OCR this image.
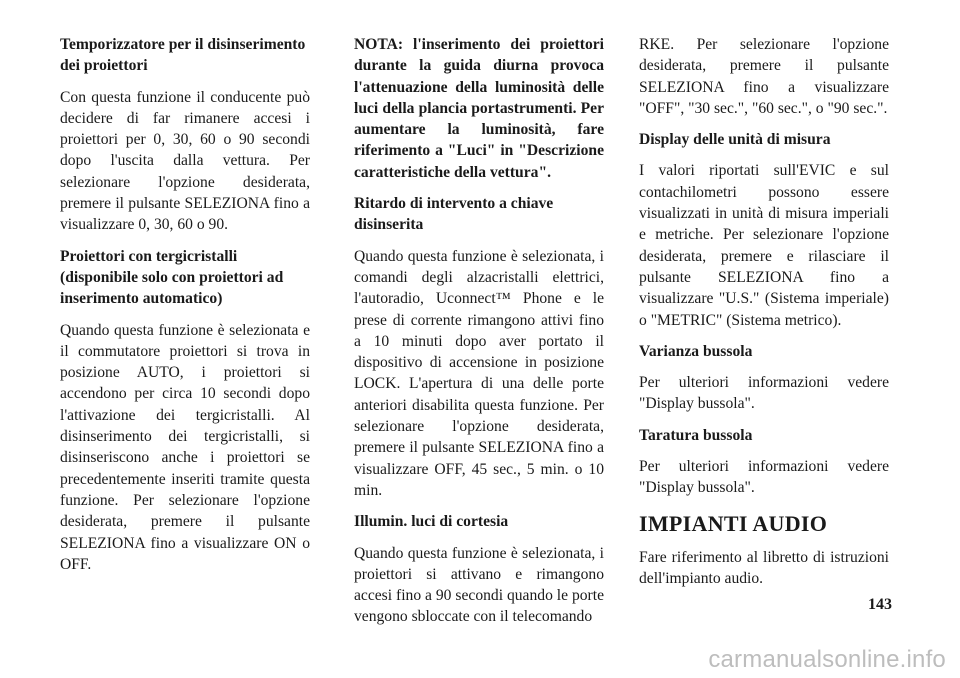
Temporizzatore per il disinserimento dei proiettori

Con questa funzione il conducente può decidere di far rimanere accesi i proiettori per 0, 30, 60 o 90 secondi dopo l'uscita dalla vettura. Per selezionare l'opzione desiderata, premere il pulsante SELEZIONA fino a visualizzare 0, 30, 60 o 90.

Proiettori con tergicristalli (disponibile solo con proiettori ad inserimento automatico)

Quando questa funzione è selezionata e il commutatore proiettori si trova in posizione AUTO, i proiettori si accendono per circa 10 secondi dopo l'attivazione dei tergicristalli. Al disinserimento dei tergicristalli, si disinseriscono anche i proiettori se precedentemente inseriti tramite questa funzione. Per selezionare l'opzione desiderata, premere il pulsante SELEZIONA fino a visualizzare ON o OFF.

NOTA: l'inserimento dei proiettori durante la guida diurna provoca l'attenuazione della luminosità delle luci della plancia portastrumenti. Per aumentare la luminosità, fare riferimento a "Luci" in "Descrizione caratteristiche della vettura".

Ritardo di intervento a chiave disinserita

Quando questa funzione è selezionata, i comandi degli alzacristalli elettrici, l'autoradio, Uconnect™ Phone e le prese di corrente rimangono attivi fino a 10 minuti dopo aver portato il dispositivo di accensione in posizione LOCK. L'apertura di una delle porte anteriori disabilita questa funzione. Per selezionare l'opzione desiderata, premere il pulsante SELEZIONA fino a visualizzare OFF, 45 sec., 5 min. o 10 min.

Illumin. luci di cortesia

Quando questa funzione è selezionata, i proiettori si attivano e rimangono accesi fino a 90 secondi quando le porte vengono sbloccate con il telecomando

RKE. Per selezionare l'opzione desiderata, premere il pulsante SELEZIONA fino a visualizzare "OFF", "30 sec.", "60 sec.", o "90 sec.".

Display delle unità di misura

I valori riportati sull'EVIC e sul contachilometri possono essere visualizzati in unità di misura imperiali e metriche. Per selezionare l'opzione desiderata, premere e rilasciare il pulsante SELEZIONA fino a visualizzare "U.S." (Sistema imperiale) o "METRIC" (Sistema metrico).

Varianza bussola

Per ulteriori informazioni vedere "Display bussola".

Taratura bussola

Per ulteriori informazioni vedere "Display bussola".

IMPIANTI AUDIO

Fare riferimento al libretto di istruzioni dell'impianto audio.

143
carmanualsonline.info
